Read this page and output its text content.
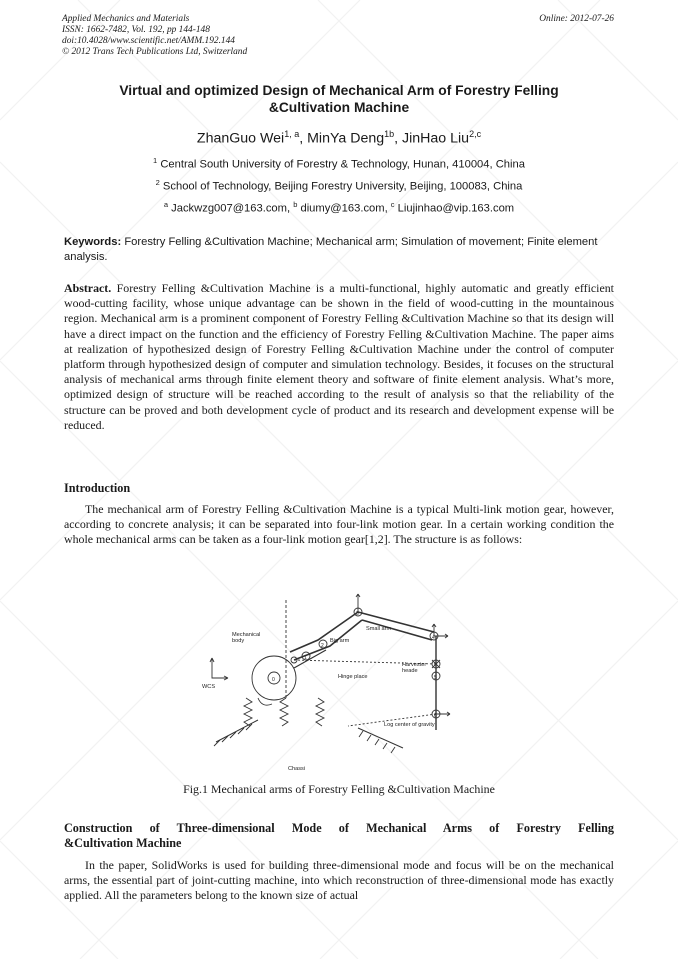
Applied Mechanics and Materials
ISSN: 1662-7482, Vol. 192, pp 144-148
doi:10.4028/www.scientific.net/AMM.192.144
© 2012 Trans Tech Publications Ltd, Switzerland
Online: 2012-07-26
Virtual and optimized Design of Mechanical Arm of Forestry Felling
&Cultivation Machine
ZhanGuo Wei$^{1, a}$, MinYa Deng$^{1b}$, JinHao Liu$^{2,c}$
$^1$ Central South University of Forestry & Technology, Hunan, 410004, China
$^2$ School of Technology, Beijing Forestry University, Beijing, 100083, China
$^a$ Jackwzg007@163.com, $^b$ diumy@163.com, $^c$ Liujinhao@vip.163.com
Keywords: Forestry Felling &Cultivation Machine; Mechanical arm; Simulation of movement; Finite element analysis.
Abstract. Forestry Felling &Cultivation Machine is a multi-functional, highly automatic and greatly efficient wood-cutting facility, whose unique advantage can be shown in the field of wood-cutting in the mountainous region. Mechanical arm is a prominent component of Forestry Felling &Cultivation Machine so that its design will have a direct impact on the function and the efficiency of Forestry Felling &Cultivation Machine. The paper aims at realization of hypothesized design of Forestry Felling &Cultivation Machine under the control of computer platform through hypothesized design of computer and simulation technology. Besides, it focuses on the structural analysis of mechanical arms through finite element theory and software of finite element analysis. What’s more, optimized design of structure will be reached according to the result of analysis so that the reliability of the structure can be proved and both development cycle of product and its research and development expense will be reduced.
Introduction
The mechanical arm of Forestry Felling &Cultivation Machine is a typical Multi-link motion gear, however, according to concrete analysis; it can be separated into four-link motion gear. In a certain working condition the whole mechanical arms can be taken as a four-link motion gear[1,2]. The structure is as follows:
Mechanical
body	Big arm
Small arm
Hinge place
Harvester
heade
Log center of gravity
Chassi
WCS
3
4
5
6
2
1
0
Fig.1 Mechanical arms of Forestry Felling &Cultivation Machine
Construction of Three-dimensional Mode of Mechanical Arms of Forestry Felling
&Cultivation Machine
In the paper, SolidWorks is used for building three-dimensional mode and focus will be on the mechanical arms, the essential part of joint-cutting machine, into which reconstruction of three-dimensional mode has exactly applied. All the parameters belong to the known size of actual
